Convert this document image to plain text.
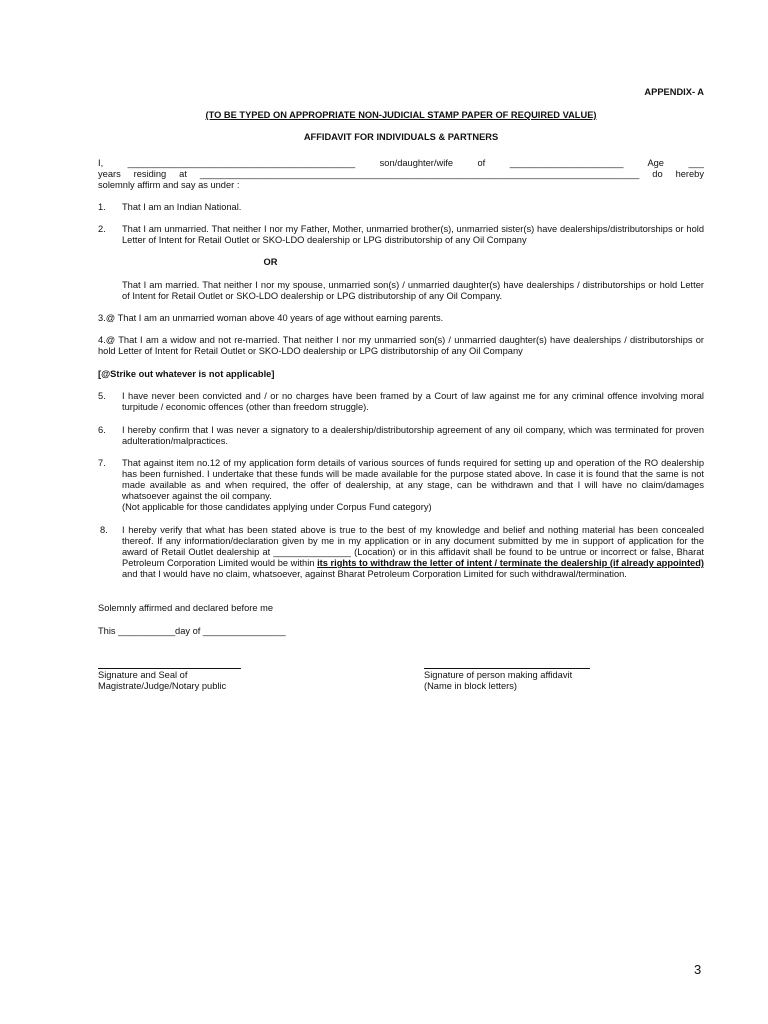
APPENDIX- A
(TO BE TYPED ON APPROPRIATE NON-JUDICIAL STAMP PAPER OF REQUIRED VALUE)
AFFIDAVIT FOR INDIVIDUALS & PARTNERS
I,	____________________________________________	son/daughter/wife	of	______________________	Age	___
years residing at _____________________________________________________________________________________ do hereby
solemnly affirm and say as under :
1. That I am an Indian National.
2. That I am unmarried. That neither I nor my Father, Mother, unmarried brother(s), unmarried sister(s) have dealerships/distributorships or hold Letter of Intent for Retail Outlet or SKO-LDO dealership or LPG distributorship of any Oil Company
OR
That I am married. That neither I nor my spouse, unmarried son(s) / unmarried daughter(s) have dealerships / distributorships or hold Letter of Intent for Retail Outlet or SKO-LDO dealership or LPG distributorship of any Oil Company.
3.@ That I am an unmarried woman above 40 years of age without earning parents.
4.@ That I am a widow and not re-married. That neither I nor my unmarried son(s) / unmarried daughter(s) have dealerships / distributorships or hold Letter of Intent for Retail Outlet or SKO-LDO dealership or LPG distributorship of any Oil Company
[@Strike out whatever is not applicable]
5. I have never been convicted and / or no charges have been framed by a Court of law against me for any criminal offence involving moral turpitude / economic offences (other than freedom struggle).
6. I hereby confirm that I was never a signatory to a dealership/distributorship agreement of any oil company, which was terminated for proven adulteration/malpractices.
7. That against item no.12 of my application form details of various sources of funds required for setting up and operation of the RO dealership has been furnished. I undertake that these funds will be made available for the purpose stated above. In case it is found that the same is not made available as and when required, the offer of dealership, at any stage, can be withdrawn and that I will have no claim/damages whatsoever against the oil company.
(Not applicable for those candidates applying under Corpus Fund category)
8. I hereby verify that what has been stated above is true to the best of my knowledge and belief and nothing material has been concealed thereof. If any information/declaration given by me in my application or in any document submitted by me in support of application for the award of Retail Outlet dealership at _______________ (Location) or in this affidavit shall be found to be untrue or incorrect or false, Bharat Petroleum Corporation Limited would be within its rights to withdraw the letter of intent / terminate the dealership (if already appointed) and that I would have no claim, whatsoever, against Bharat Petroleum Corporation Limited for such withdrawal/termination.
Solemnly affirmed and declared before me
This ___________day of ________________
Signature and Seal of
Magistrate/Judge/Notary public
Signature of person making affidavit
(Name in block letters)
3
